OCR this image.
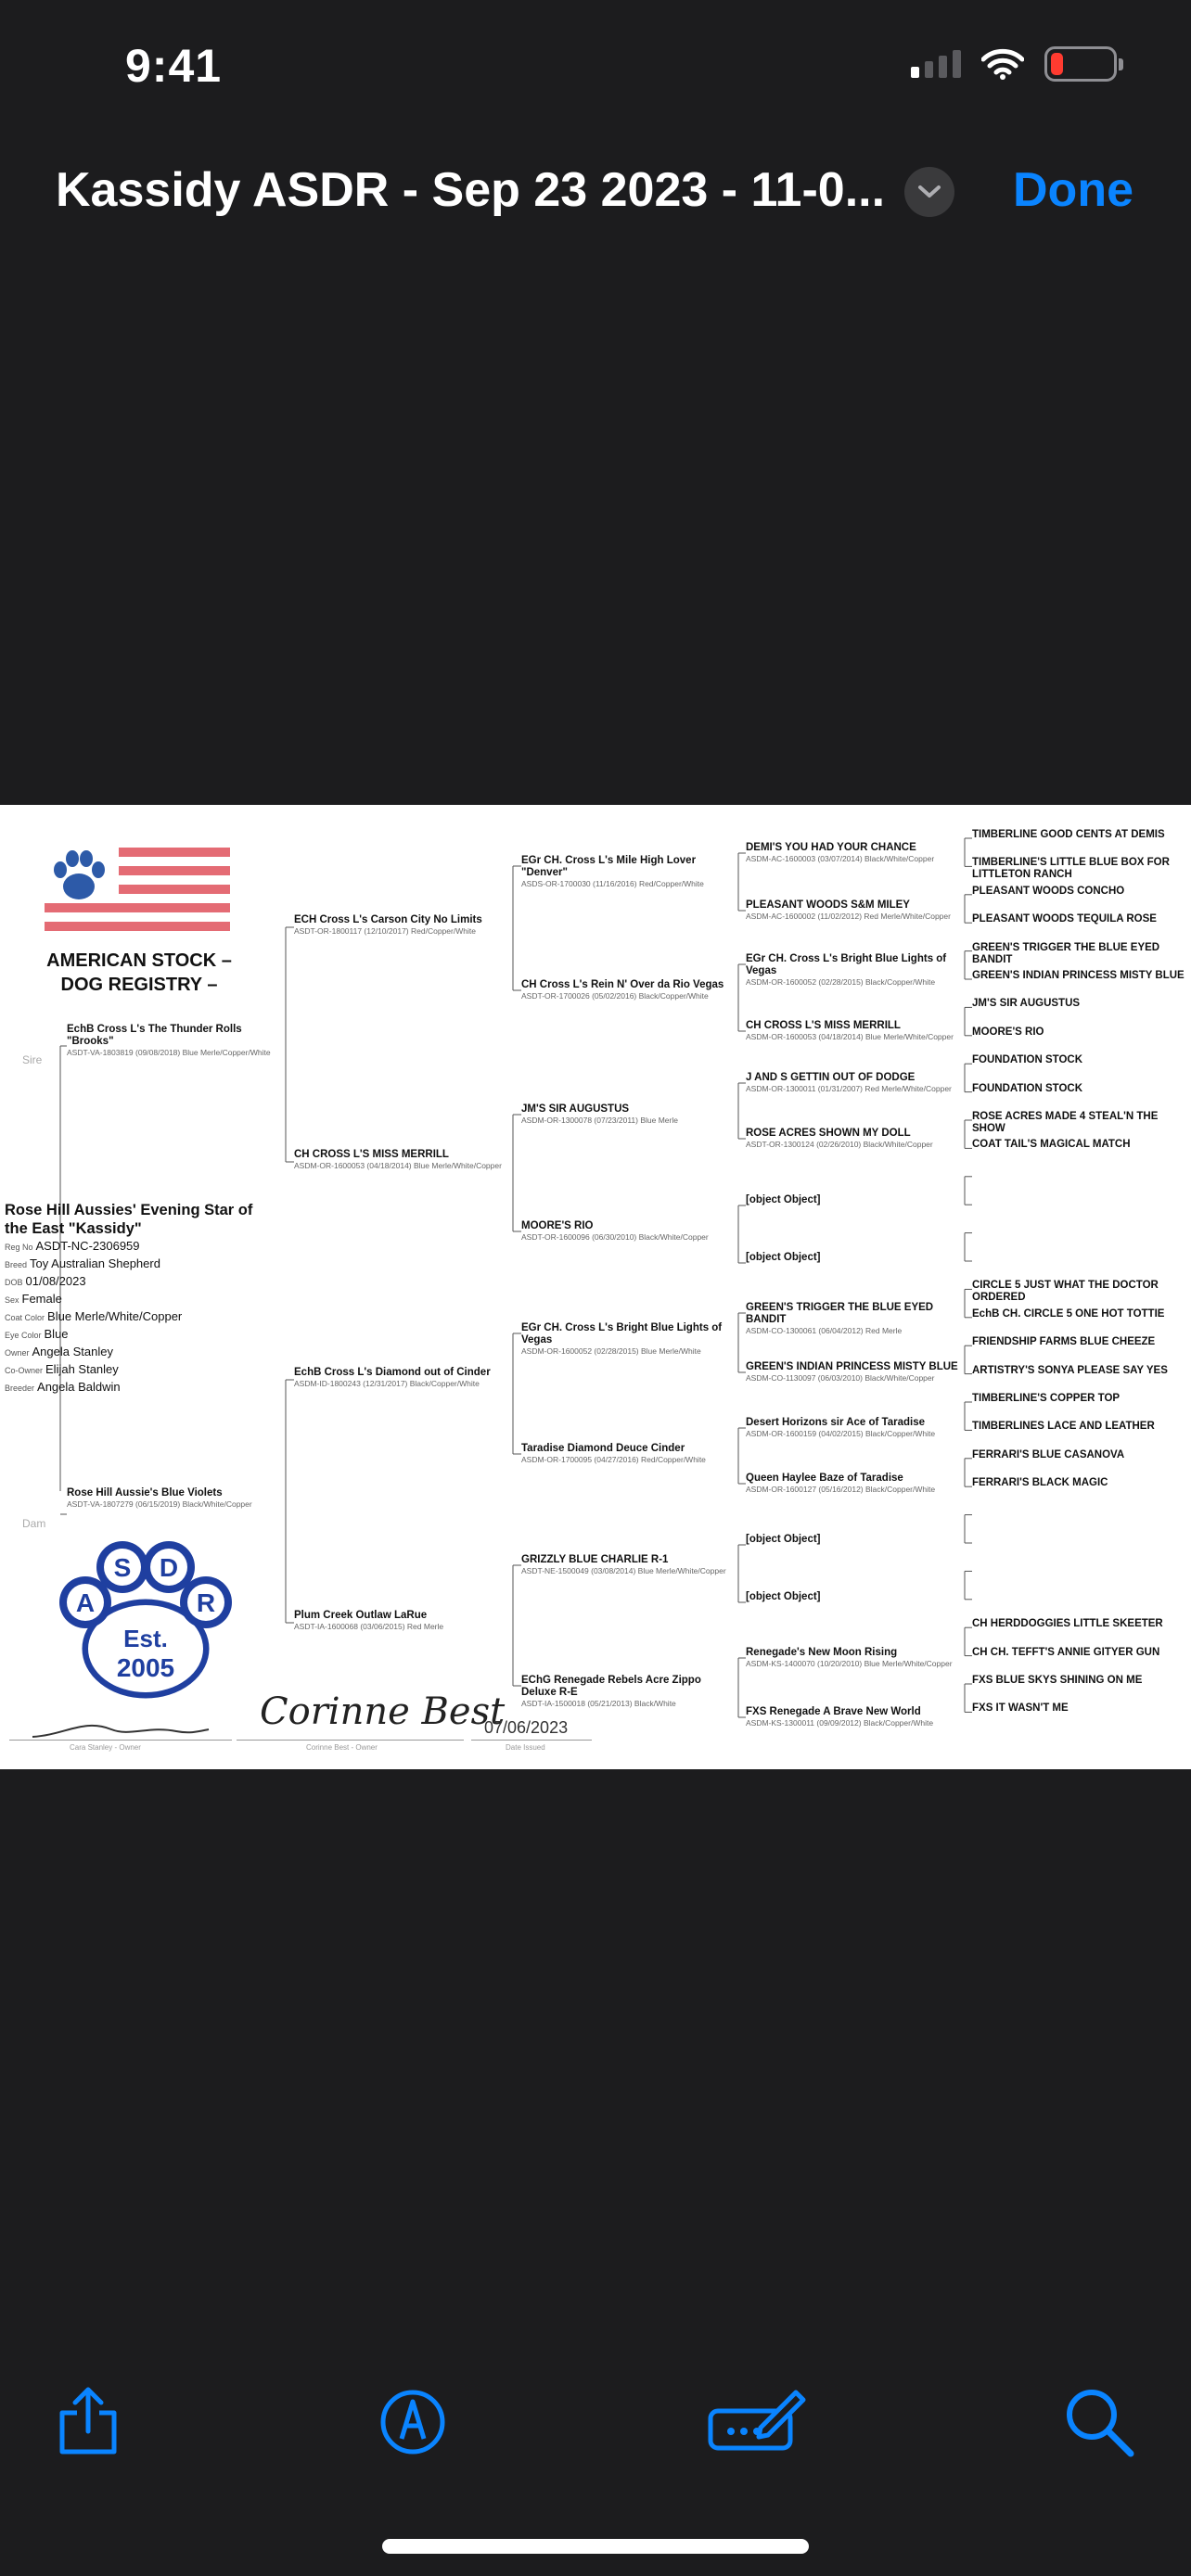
9:41
Kassidy ASDR - Sep 23 2023 - 11-0...	Done
AMERICAN STOCK – DOG REGISTRY –
Sire
Dam
Rose Hill Aussies' Evening Star of the East "Kassidy"
Reg No ASDT-NC-2306959
Breed Toy Australian Shepherd
DOB 01/08/2023
Sex Female
Coat Color Blue Merle/White/Copper
Eye Color Blue
Owner Angela Stanley
Co-Owner Elijah Stanley
Breeder Angela Baldwin
EchB Cross L's The Thunder Rolls "Brooks"
ASDT-VA-1803819 (09/08/2018) Blue Merle/Copper/White
Rose Hill Aussie's Blue Violets
ASDT-VA-1807279 (06/15/2019) Black/White/Copper
ECH Cross L's Carson City No Limits
ASDT-OR-1800117 (12/10/2017) Red/Copper/White
CH CROSS L'S MISS MERRILL
ASDM-OR-1600053 (04/18/2014) Blue Merle/White/Copper
EchB Cross L's Diamond out of Cinder
ASDM-ID-1800243 (12/31/2017) Black/Copper/White
Plum Creek Outlaw LaRue
ASDT-IA-1600068 (03/06/2015) Red Merle
EGr CH. Cross L's Mile High Lover "Denver"
ASDS-OR-1700030 (11/16/2016) Red/Copper/White
CH Cross L's Rein N' Over da Rio Vegas
ASDT-OR-1700026 (05/02/2016) Black/Copper/White
JM'S SIR AUGUSTUS
ASDM-OR-1300078 (07/23/2011) Blue Merle
MOORE'S RIO
ASDT-OR-1600096 (06/30/2010) Black/White/Copper
EGr CH. Cross L's Bright Blue Lights of Vegas
ASDM-OR-1600052 (02/28/2015) Blue Merle/White
Taradise Diamond Deuce Cinder
ASDM-OR-1700095 (04/27/2016) Red/Copper/White
GRIZZLY BLUE CHARLIE R-1
ASDT-NE-1500049 (03/08/2014) Blue Merle/White/Copper
EChG Renegade Rebels Acre Zippo Deluxe R-E
ASDT-IA-1500018 (05/21/2013) Black/White
DEMI'S YOU HAD YOUR CHANCE
ASDM-AC-1600003 (03/07/2014) Black/White/Copper
PLEASANT WOODS S&M MILEY
ASDM-AC-1600002 (11/02/2012) Red Merle/White/Copper
EGr CH. Cross L's Bright Blue Lights of Vegas
ASDM-OR-1600052 (02/28/2015) Black/Copper/White
CH CROSS L'S MISS MERRILL
ASDM-OR-1600053 (04/18/2014) Blue Merle/White/Copper
J AND S GETTIN OUT OF DODGE
ASDM-OR-1300011 (01/31/2007) Red Merle/White/Copper
ROSE ACRES SHOWN MY DOLL
ASDT-OR-1300124 (02/26/2010) Black/White/Copper
[object Object]
[object Object]
GREEN'S TRIGGER THE BLUE EYED BANDIT
ASDM-CO-1300061 (06/04/2012) Red Merle
GREEN'S INDIAN PRINCESS MISTY BLUE
ASDM-CO-1130097 (06/03/2010) Black/White/Copper
Desert Horizons sir Ace of Taradise
ASDM-OR-1600159 (04/02/2015) Black/Copper/White
Queen Haylee Baze of Taradise
ASDM-OR-1600127 (05/16/2012) Black/Copper/White
[object Object]
[object Object]
Renegade's New Moon Rising
ASDM-KS-1400070 (10/20/2010) Blue Merle/White/Copper
FXS Renegade A Brave New World
ASDM-KS-1300011 (09/09/2012) Black/Copper/White
TIMBERLINE GOOD CENTS AT DEMIS
TIMBERLINE'S LITTLE BLUE BOX FOR LITTLETON RANCH
PLEASANT WOODS CONCHO
PLEASANT WOODS TEQUILA ROSE
GREEN'S TRIGGER THE BLUE EYED BANDIT
GREEN'S INDIAN PRINCESS MISTY BLUE
JM'S SIR AUGUSTUS
MOORE'S RIO
FOUNDATION STOCK
FOUNDATION STOCK
ROSE ACRES MADE 4 STEAL'N THE SHOW
COAT TAIL'S MAGICAL MATCH
CIRCLE 5 JUST WHAT THE DOCTOR ORDERED
EchB CH. CIRCLE 5 ONE HOT TOTTIE
FRIENDSHIP FARMS BLUE CHEEZE
ARTISTRY'S SONYA PLEASE SAY YES
TIMBERLINE'S COPPER TOP
TIMBERLINES LACE AND LEATHER
FERRARI'S BLUE CASANOVA
FERRARI'S BLACK MAGIC
CH HERDDOGGIES LITTLE SKEETER
CH CH. TEFFT'S ANNIE GITYER GUN
FXS BLUE SKYS SHINING ON ME
FXS IT WASN'T ME
A
S D
R
Est.
2005
Corinne Best
07/06/2023
Cara Stanley - Owner	Corinne Best - Owner	Date Issued
